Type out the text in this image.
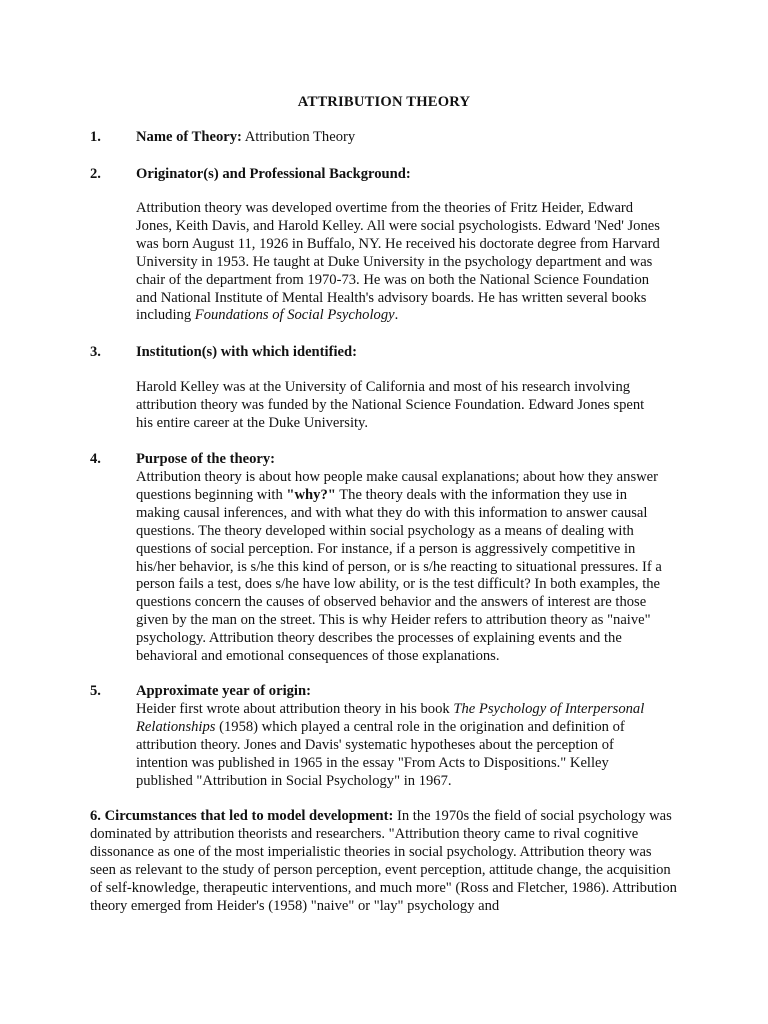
ATTRIBUTION THEORY
1. Name of Theory: Attribution Theory
2. Originator(s) and Professional Background:

Attribution theory was developed overtime from the theories of Fritz Heider, Edward Jones, Keith Davis, and Harold Kelley. All were social psychologists. Edward 'Ned' Jones was born August 11, 1926 in Buffalo, NY. He received his doctorate degree from Harvard University in 1953. He taught at Duke University in the psychology department and was chair of the department from 1970-73. He was on both the National Science Foundation and National Institute of Mental Health's advisory boards. He has written several books including Foundations of Social Psychology.

3. Institution(s) with which identified:

Harold Kelley was at the University of California and most of his research involving attribution theory was funded by the National Science Foundation. Edward Jones spent his entire career at the Duke University.

4. Purpose of the theory:

Attribution theory is about how people make causal explanations; about how they answer questions beginning with "why?" The theory deals with the information they use in making causal inferences, and with what they do with this information to answer causal questions. The theory developed within social psychology as a means of dealing with questions of social perception. For instance, if a person is aggressively competitive in his/her behavior, is s/he this kind of person, or is s/he reacting to situational pressures. If a person fails a test, does s/he have low ability, or is the test difficult? In both examples, the questions concern the causes of observed behavior and the answers of interest are those given by the man on the street. This is why Heider refers to attribution theory as "naive" psychology. Attribution theory describes the processes of explaining events and the behavioral and emotional consequences of those explanations.

5. Approximate year of origin:

Heider first wrote about attribution theory in his book The Psychology of Interpersonal Relationships (1958) which played a central role in the origination and definition of attribution theory. Jones and Davis' systematic hypotheses about the perception of intention was published in 1965 in the essay "From Acts to Dispositions." Kelley published "Attribution in Social Psychology" in 1967.

6. Circumstances that led to model development: In the 1970s the field of social psychology was dominated by attribution theorists and researchers. "Attribution theory came to rival cognitive dissonance as one of the most imperialistic theories in social psychology. Attribution theory was seen as relevant to the study of person perception, event perception, attitude change, the acquisition of self-knowledge, therapeutic interventions, and much more" (Ross and Fletcher, 1986). Attribution theory emerged from Heider's (1958) "naive" or "lay" psychology and
